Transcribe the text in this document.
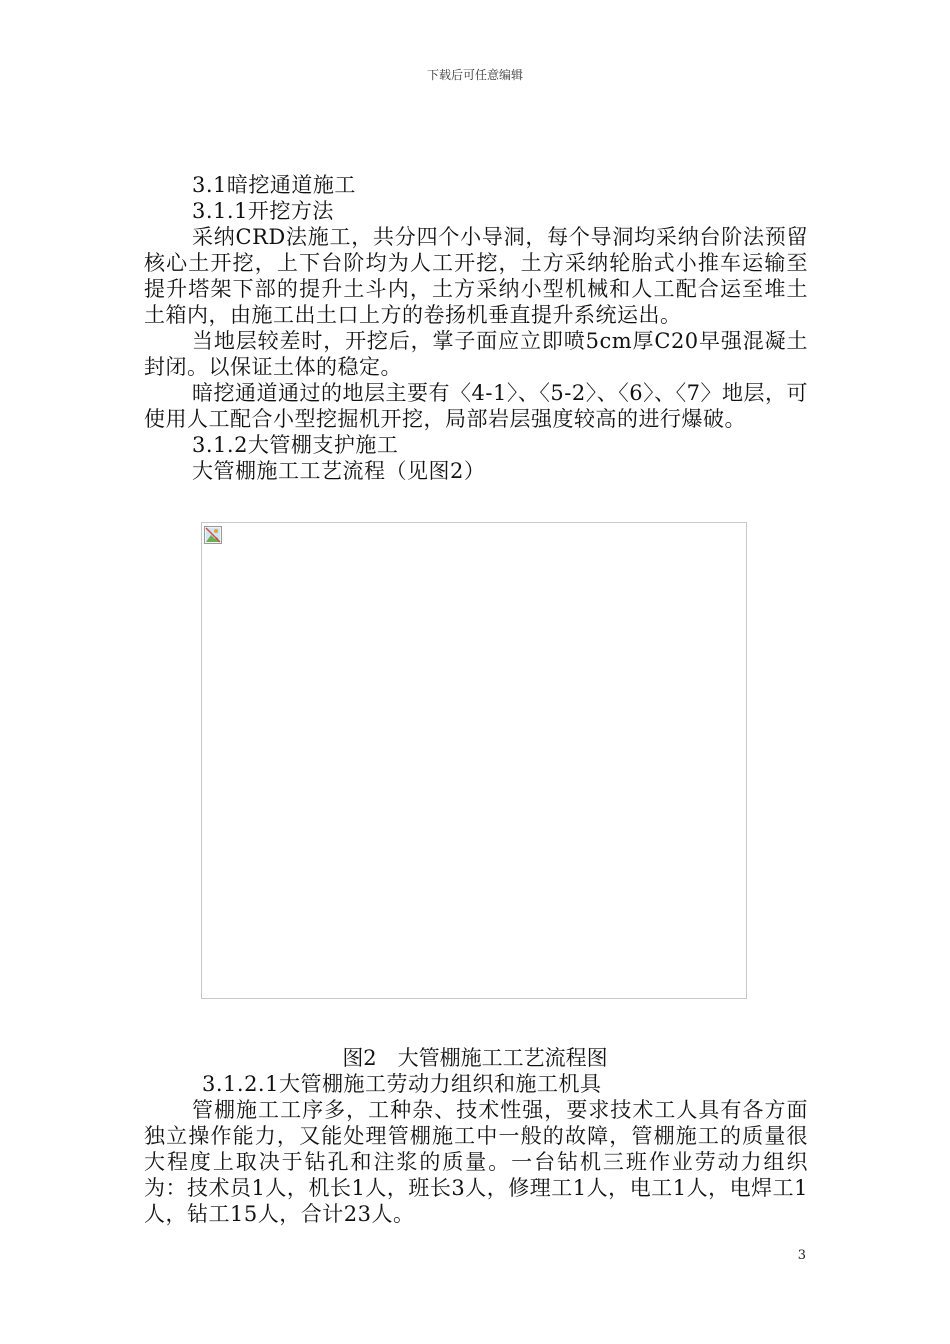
下载后可任意编辑

3.1暗挖通道施工

3.1.1开挖方法

采纳CRD法施工，共分四个小导洞，每个导洞均采纳台阶法预留核心土开挖，上下台阶均为人工开挖，土方采纳轮胎式小推车运输至提升塔架下部的提升土斗内，土方采纳小型机械和人工配合运至堆土土箱内，由施工出土口上方的卷扬机垂直提升系统运出。

当地层较差时，开挖后，掌子面应立即喷5cm厚C20早强混凝土封闭。以保证土体的稳定。

暗挖通道通过的地层主要有〈4-1〉、〈5-2〉、〈6〉、〈7〉地层，可使用人工配合小型挖掘机开挖，局部岩层强度较高的进行爆破。

3.1.2大管棚支护施工

大管棚施工工艺流程（见图2）

图2　大管棚施工工艺流程图

3.1.2.1大管棚施工劳动力组织和施工机具

管棚施工工序多，工种杂、技术性强，要求技术工人具有各方面独立操作能力，又能处理管棚施工中一般的故障，管棚施工的质量很大程度上取决于钻孔和注浆的质量。一台钻机三班作业劳动力组织为：技术员1人，机长1人，班长3人，修理工1人，电工1人，电焊工1人，钻工15人，合计23人。

3
